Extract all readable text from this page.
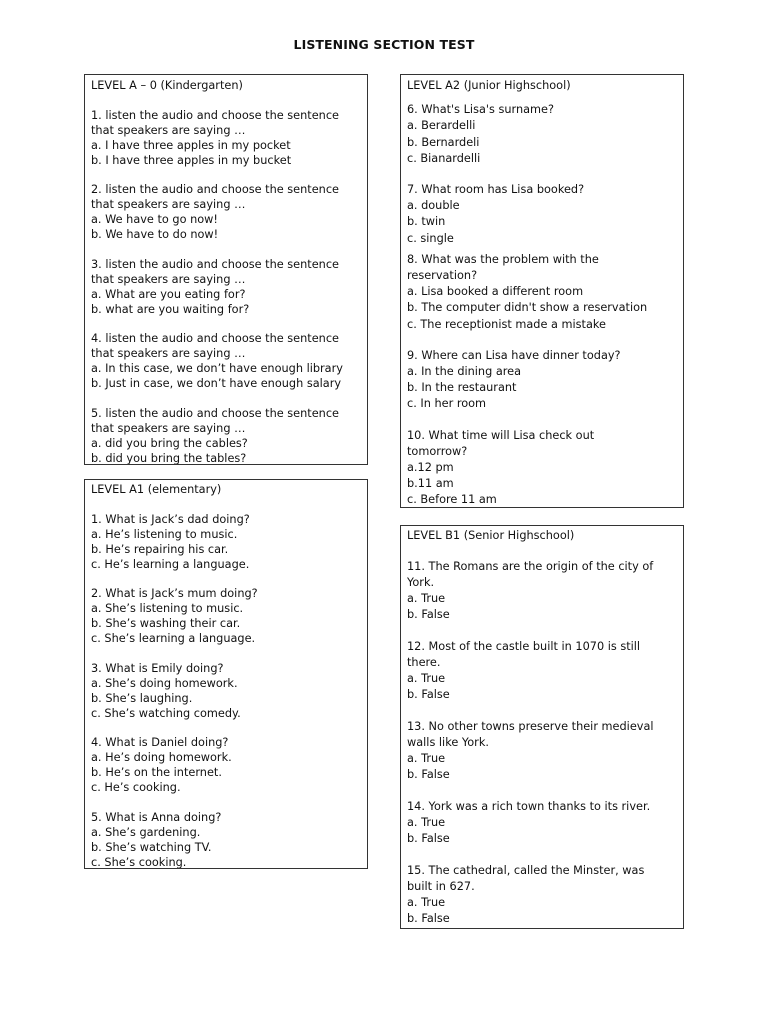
LISTENING SECTION TEST
LEVEL A – 0 (Kindergarten)
1. listen the audio and choose the sentence
that speakers are saying …
a. I have three apples in my pocket
b. I have three apples in my bucket
2. listen the audio and choose the sentence
that speakers are saying …
a. We have to go now!
b. We have to do now!
3. listen the audio and choose the sentence
that speakers are saying …
a. What are you eating for?
b. what are you waiting for?
4. listen the audio and choose the sentence
that speakers are saying …
a. In this case, we don’t have enough library
b. Just in case, we don’t have enough salary
5. listen the audio and choose the sentence
that speakers are saying …
a. did you bring the cables?
b. did you bring the tables?
LEVEL A1 (elementary)
1. What is Jack’s dad doing?
a. He’s listening to music.
b. He’s repairing his car.
c. He’s learning a language.
2. What is Jack’s mum doing?
a. She’s listening to music.
b. She’s washing their car.
c. She’s learning a language.
3. What is Emily doing?
a. She’s doing homework.
b. She’s laughing.
c. She’s watching comedy.
4. What is Daniel doing?
a. He’s doing homework.
b. He’s on the internet.
c. He’s cooking.
5. What is Anna doing?
a. She’s gardening.
b. She’s watching TV.
c. She’s cooking.
LEVEL A2 (Junior Highschool)
6. What's Lisa's surname?
a. Berardelli
b. Bernardeli
c. Bianardelli
7. What room has Lisa booked?
a. double
b. twin
c. single
8. What was the problem with the
reservation?
a. Lisa booked a different room
b. The computer didn't show a reservation
c. The receptionist made a mistake
9. Where can Lisa have dinner today?
a. In the dining area
b. In the restaurant
c. In her room
10. What time will Lisa check out
tomorrow?
a.12 pm
b.11 am
c. Before 11 am
LEVEL B1 (Senior Highschool)
11. The Romans are the origin of the city of
York.
a. True
b. False
12. Most of the castle built in 1070 is still
there.
a. True
b. False
13. No other towns preserve their medieval
walls like York.
a. True
b. False
14. York was a rich town thanks to its river.
a. True
b. False
15. The cathedral, called the Minster, was
built in 627.
a. True
b. False
